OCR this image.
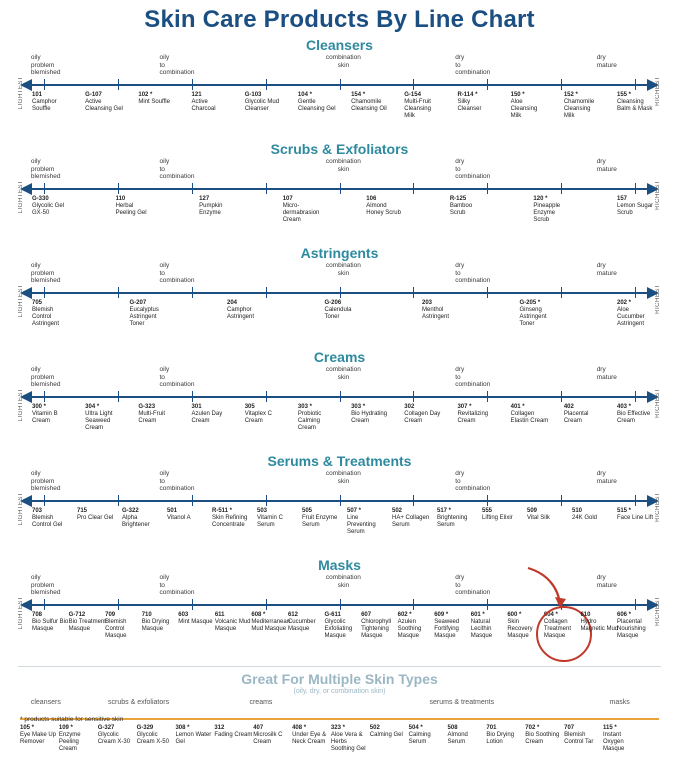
Skin Care Products By Line Chart
Cleansers
oily
problem
blemished
oily
to
combination
combination
skin
dry
to
combination
dry
mature
LIGHTEST	RICHEST
101
Camphor Souffle
G-107
Active Cleansing Gel
102 *
Mint Souffle
121
Active Charcoal
G-103
Glycolic Mud Cleanser
104 *
Gentle Cleansing Gel
154 *
Chamomile Cleansing Oil
G-154
Multi-Fruit Cleansing Milk
R-114 *
Silky Cleanser
150 *
Aloe Cleansing Milk
152 *
Chamomile Cleansing Milk
155 *
Cleansing Balm & Mask
Scrubs & Exfoliators
oily
problem
blemished
oily
to
combination
combination
skin
dry
to
combination
dry
mature
LIGHTEST	RICHEST
G-330
Glycolic Gel GX-50
110
Herbal Peeling Gel
127
Pumpkin Enzyme
107
Micro-dermabrasion Cream
106
Almond Honey Scrub
R-125
Bamboo Scrub
120 *
Pineapple Enzyme Scrub
157
Lemon Sugar Scrub
Astringents
oily
problem
blemished
oily
to
combination
combination
skin
dry
to
combination
dry
mature
LIGHTEST	RICHEST
705
Blemish Control Astringent
G-207
Eucalyptus Astringent Toner
204
Camphor Astringent
G-206
Calendula Toner
203
Menthol Astringent
G-205 *
Ginseng Astringent Toner
202 *
Aloe Cucumber Astringent
Creams
oily
problem
blemished
oily
to
combination
combination
skin
dry
to
combination
dry
mature
LIGHTEST	RICHEST
300 *
Vitamin B Cream
304 *
Ultra Light Seaweed Cream
G-323
Multi-Fruit Cream
301
Azulen Day Cream
305
Vitaplex C Cream
303 *
Probiotic Calming Cream
303 *
Bio Hydrating Cream
302
Collagen Day Cream
307 *
Revitalizing Cream
401 *
Collagen Elastin Cream
402
Placental Cream
403 *
Bio Effective Cream
Serums & Treatments
oily
problem
blemished
oily
to
combination
combination
skin
dry
to
combination
dry
mature
LIGHTEST	RICHEST
703
Blemish Control Gel
715
Pro Clear Gel
G-322
Alpha Brightener
501
Vitanol A
R-511 *
Skin Refining Concentrate
503
Vitamin C Serum
505
Fruit Enzyme Serum
507 *
Line Preventing Serum
502
HA+ Collagen Serum
517 *
Brightening Serum
555
Lifting Elixir
509
Vital Silk
510
24K Gold
515 *
Face Line Lift
Masks
oily
problem
blemished
oily
to
combination
combination
skin
dry
to
combination
dry
mature
LIGHTEST	RICHEST
708
Bio Sulfur Bio Masque
G-712
Bio Treatment Masque
709
Blemish Control Masque
710
Bio Drying Masque
603
Mint Masque
611
Volcanic Mud Masque
608 *
Mediterranean Mud Masque
612
Cucumber Masque
G-611
Glycolic Exfoliating Masque
607
Chlorophyll Tightening Masque
602 *
Azulen Soothing Masque
609 *
Seaweed Fortifying Masque
601 *
Natural Lecithin Masque
600 *
Skin Recovery Masque
604 *
Collagen Treatment Masque
610
Hydro Magnetic Mud
606 *
Placental Nourishing Masque
Great For Multiple Skin Types
(oily, dry, or combination skin)
cleansers	scrubs & exfoliators	creams	serums & treatments	masks
105 *
Eye Make Up Remover
109 *
Enzyme Peeling Cream
G-327
Glycolic Cream X-30
G-329
Glycolic Cream X-50
308 *
Lemon Water Gel
312
Fading Cream
407
Microsilk C Cream
408 *
Under Eye & Neck Cream
323 *
Aloe Vera & Herbs Soothing Gel
502
Calming Gel
504 *
Calming Serum
508
Almond Serum
701
Bio Drying Lotion
702 *
Bio Soothing Cream
707
Blemish Control Tar
115 *
Instant Oxygen Masque
* products suitable for sensitive skin
